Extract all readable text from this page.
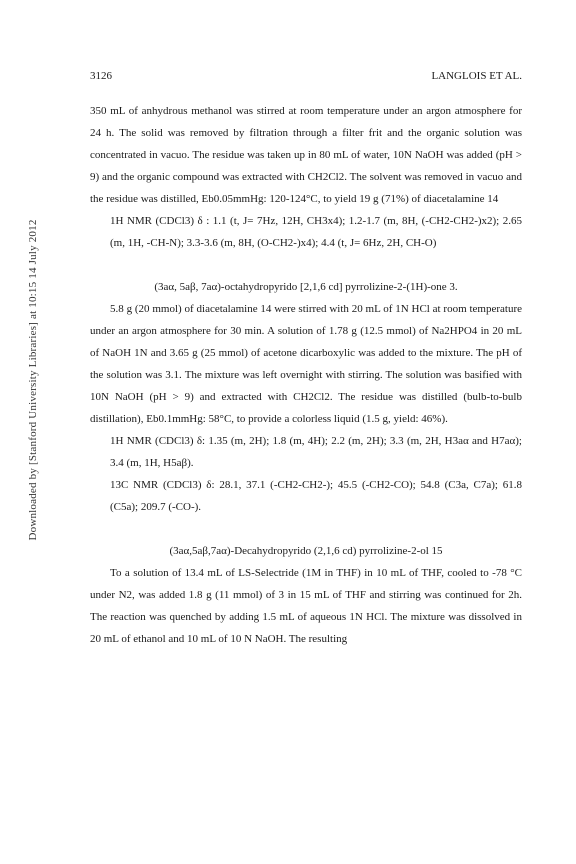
Downloaded by [Stanford University Libraries] at 10:15 14 July 2012
3126	LANGLOIS ET AL.

350 mL of anhydrous methanol was stirred at room temperature under an argon atmosphere for 24 h. The solid was removed by filtration through a filter frit and the organic solution was concentrated in vacuo. The residue was taken up in 80 mL of water, 10N NaOH was added (pH > 9) and the organic compound was extracted with CH2Cl2. The solvent was removed in vacuo and the residue was distilled, Eb0.05mmHg: 120-124°C, to yield 19 g (71%) of diacetalamine 14

1H NMR (CDCl3) δ : 1.1 (t, J= 7Hz, 12H, CH3x4); 1.2-1.7 (m, 8H, (-CH2-CH2-)x2); 2.65 (m, 1H, -CH-N); 3.3-3.6 (m, 8H, (O-CH2-)x4); 4.4 (t, J= 6Hz, 2H, CH-O)

(3aα, 5aβ, 7aα)-octahydropyrido [2,1,6 cd] pyrrolizine-2-(1H)-one 3.

5.8 g (20 mmol) of diacetalamine 14 were stirred with 20 mL of 1N HCl at room temperature under an argon atmosphere for 30 min. A solution of 1.78 g (12.5 mmol) of Na2HPO4 in 20 mL of NaOH 1N and 3.65 g (25 mmol) of acetone dicarboxylic was added to the mixture. The pH of the solution was 3.1. The mixture was left overnight with stirring. The solution was basified with 10N NaOH (pH > 9) and extracted with CH2Cl2. The residue was distilled (bulb-to-bulb distillation), Eb0.1mmHg: 58°C, to provide a colorless liquid (1.5 g, yield: 46%).

1H NMR (CDCl3) δ: 1.35 (m, 2H); 1.8 (m, 4H); 2.2 (m, 2H); 3.3 (m, 2H, H3aα and H7aα); 3.4 (m, 1H, H5aβ).

13C NMR (CDCl3) δ: 28.1, 37.1 (-CH2-CH2-); 45.5 (-CH2-CO); 54.8 (C3a, C7a); 61.8 (C5a); 209.7 (-CO-).

(3aα,5aβ,7aα)-Decahydropyrido (2,1,6 cd) pyrrolizine-2-ol 15

To a solution of 13.4 mL of LS-Selectride (1M in THF) in 10 mL of THF, cooled to -78 °C under N2, was added 1.8 g (11 mmol) of 3 in 15 mL of THF and stirring was continued for 2h. The reaction was quenched by adding 1.5 mL of aqueous 1N HCl. The mixture was dissolved in 20 mL of ethanol and 10 mL of 10 N NaOH. The resulting
